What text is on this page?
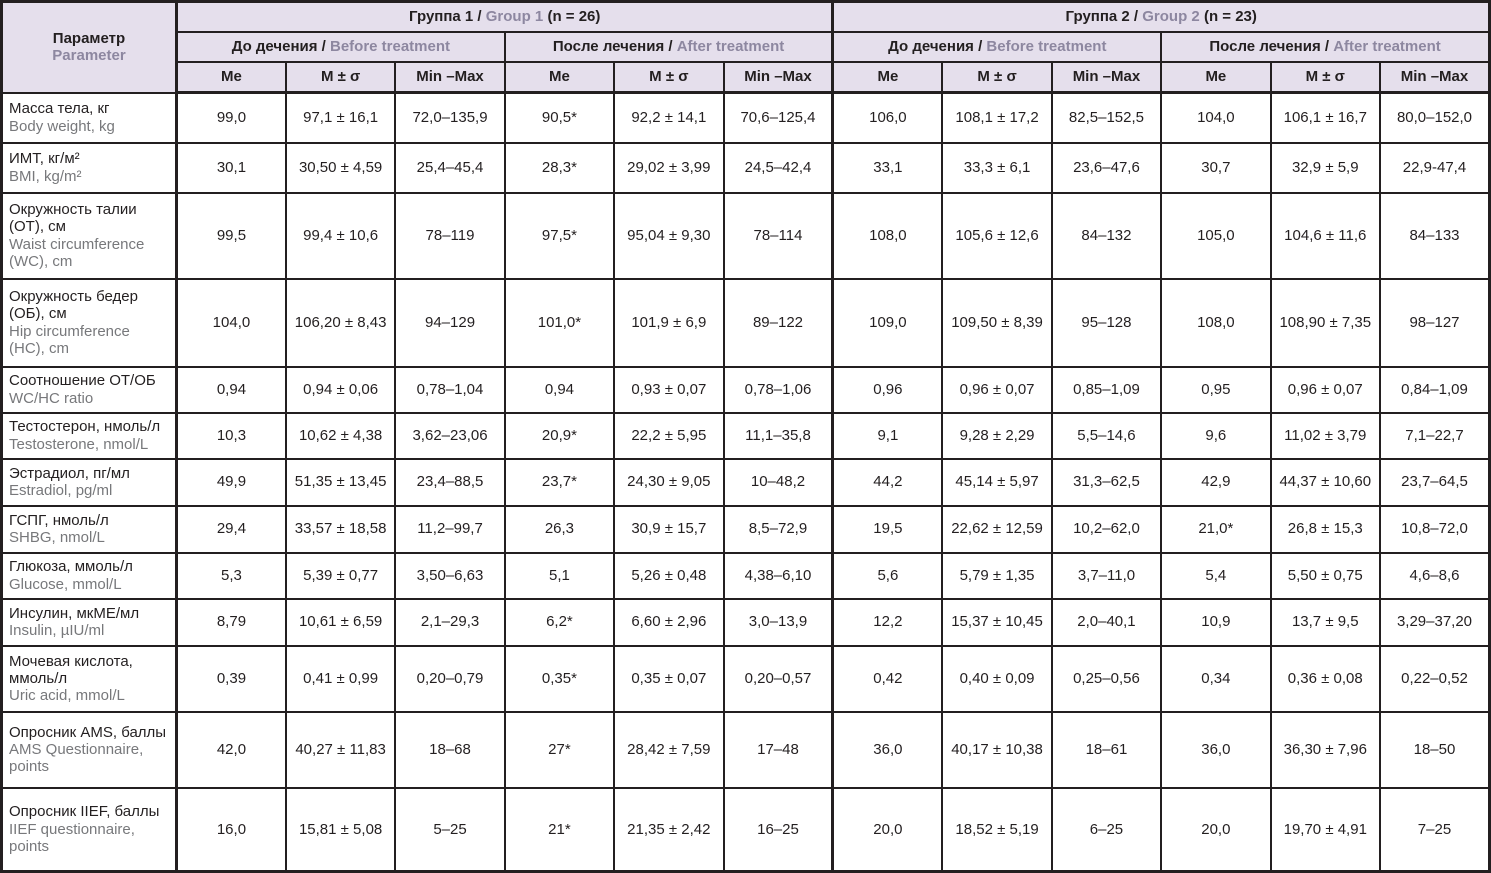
Параметр
Parameter	Группа 1 / Group 1 (n = 26)						Группа 2 / Group 2 (n = 23)					
	До дечения / Before treatment			После лечения / After treatment			До дечения / Before treatment			После лечения / After treatment		
	Me	M ± σ	Min –Max	Me	M ± σ	Min –Max	Me	M ± σ	Min –Max	Me	M ± σ	Min –Max

Масса тела, кг
Body weight, kg	99,0	97,1 ± 16,1	72,0–135,9	90,5*	92,2 ± 14,1	70,6–125,4	106,0	108,1 ± 17,2	82,5–152,5	104,0	106,1 ± 16,7	80,0–152,0

ИМТ, кг/м²
BMI, kg/m²	30,1	30,50 ± 4,59	25,4–45,4	28,3*	29,02 ± 3,99	24,5–42,4	33,1	33,3 ± 6,1	23,6–47,6	30,7	32,9 ± 5,9	22,9-47,4

Окружность талии (ОТ), см
Waist circumference (WC), cm	99,5	99,4 ± 10,6	78–119	97,5*	95,04 ± 9,30	78–114	108,0	105,6 ± 12,6	84–132	105,0	104,6 ± 11,6	84–133

Окружность бедер (ОБ), см
Hip circumference (HC), cm	104,0	106,20 ± 8,43	94–129	101,0*	101,9 ± 6,9	89–122	109,0	109,50 ± 8,39	95–128	108,0	108,90 ± 7,35	98–127

Соотношение ОТ/ОБ
WC/HC ratio	0,94	0,94 ± 0,06	0,78–1,04	0,94	0,93 ± 0,07	0,78–1,06	0,96	0,96 ± 0,07	0,85–1,09	0,95	0,96 ± 0,07	0,84–1,09

Тестостерон, нмоль/л
Testosterone, nmol/L	10,3	10,62 ± 4,38	3,62–23,06	20,9*	22,2 ± 5,95	11,1–35,8	9,1	9,28 ± 2,29	5,5–14,6	9,6	11,02 ± 3,79	7,1–22,7

Эстрадиол, пг/мл
Estradiol, pg/ml	49,9	51,35 ± 13,45	23,4–88,5	23,7*	24,30 ± 9,05	10–48,2	44,2	45,14 ± 5,97	31,3–62,5	42,9	44,37 ± 10,60	23,7–64,5

ГСПГ, нмоль/л
SHBG, nmol/L	29,4	33,57 ± 18,58	11,2–99,7	26,3	30,9 ± 15,7	8,5–72,9	19,5	22,62 ± 12,59	10,2–62,0	21,0*	26,8 ± 15,3	10,8–72,0

Глюкоза, ммоль/л
Glucose, mmol/L	5,3	5,39 ± 0,77	3,50–6,63	5,1	5,26 ± 0,48	4,38–6,10	5,6	5,79 ± 1,35	3,7–11,0	5,4	5,50 ± 0,75	4,6–8,6

Инсулин, мкМЕ/мл
Insulin, µIU/ml	8,79	10,61 ± 6,59	2,1–29,3	6,2*	6,60 ± 2,96	3,0–13,9	12,2	15,37 ± 10,45	2,0–40,1	10,9	13,7 ± 9,5	3,29–37,20

Мочевая кислота, ммоль/л
Uric acid, mmol/L	0,39	0,41 ± 0,99	0,20–0,79	0,35*	0,35 ± 0,07	0,20–0,57	0,42	0,40 ± 0,09	0,25–0,56	0,34	0,36 ± 0,08	0,22–0,52

Опросник AMS, баллы
AMS Questionnaire, points	42,0	40,27 ± 11,83	18–68	27*	28,42 ± 7,59	17–48	36,0	40,17 ± 10,38	18–61	36,0	36,30 ± 7,96	18–50

Опросник IIEF, баллы
IIEF questionnaire, points	16,0	15,81 ± 5,08	5–25	21*	21,35 ± 2,42	16–25	20,0	18,52 ± 5,19	6–25	20,0	19,70 ± 4,91	7–25
